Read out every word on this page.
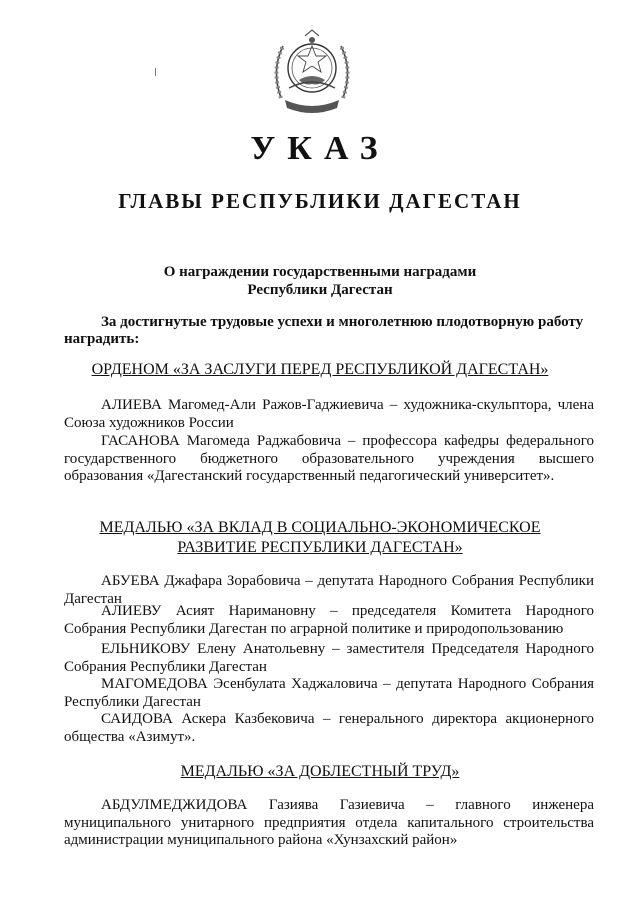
УКАЗ
ГЛАВЫ РЕСПУБЛИКИ ДАГЕСТАН
О награждении государственными наградами
Республики Дагестан
За достигнутые трудовые успехи и многолетнюю плодотворную работу наградить:
ОРДЕНОМ «ЗА ЗАСЛУГИ ПЕРЕД РЕСПУБЛИКОЙ ДАГЕСТАН»
АЛИЕВА Магомед-Али Ражов-Гаджиевича – художника-скульптора, члена Союза художников России
ГАСАНОВА Магомеда Раджабовича – профессора кафедры федерального государственного бюджетного образовательного учреждения высшего образования «Дагестанский государственный педагогический университет».
МЕДАЛЬЮ «ЗА ВКЛАД В СОЦИАЛЬНО-ЭКОНОМИЧЕСКОЕ
РАЗВИТИЕ РЕСПУБЛИКИ ДАГЕСТАН»
АБУЕВА Джафара Зорабовича – депутата Народного Собрания Республики Дагестан
АЛИЕВУ Асият Наримановну – председателя Комитета Народного Собрания Республики Дагестан по аграрной политике и природопользованию
ЕЛЬНИКОВУ Елену Анатольевну – заместителя Председателя Народного Собрания Республики Дагестан
МАГОМЕДОВА Эсенбулата Хаджаловича – депутата Народного Собрания Республики Дагестан
САИДОВА Аскера Казбековича – генерального директора акционерного общества «Азимут».
МЕДАЛЬЮ «ЗА ДОБЛЕСТНЫЙ ТРУД»
АБДУЛМЕДЖИДОВА Газиява Газиевича – главного инженера муниципального унитарного предприятия отдела капитального строительства администрации муниципального района «Хунзахский район»
